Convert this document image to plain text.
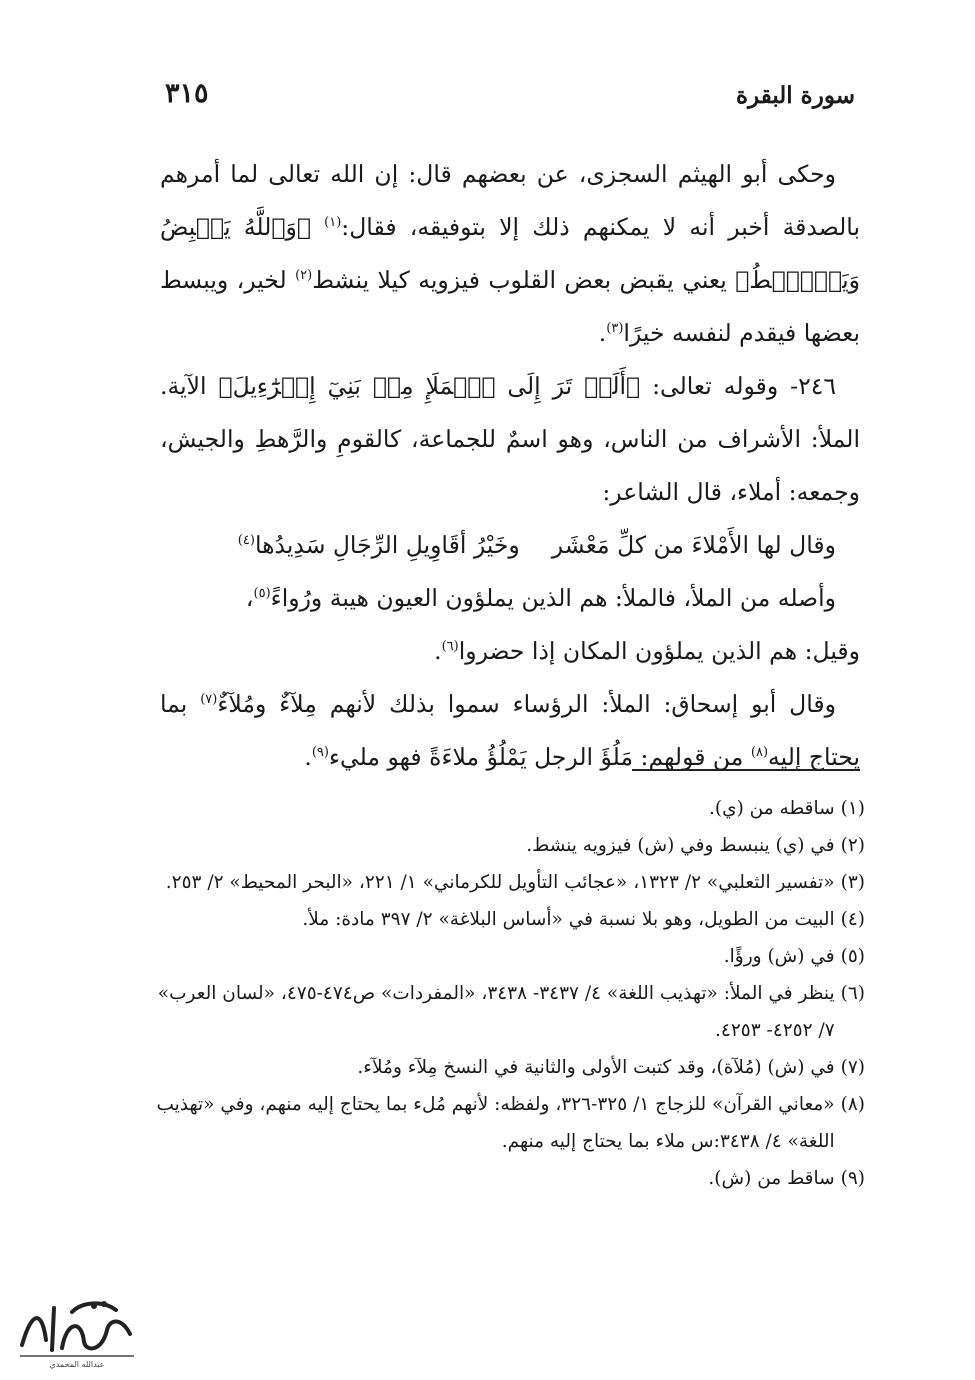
سورة البقرة
٣١٥

وحكى أبو الهيثم السجزى، عن بعضهم قال: إن الله تعالى لما أمرهم بالصدقة أخبر أنه لا يمكنهم ذلك إلا بتوفيقه، فقال:$^{(١)}$ ﴿وَٱللَّهُ يَقۡبِضُ وَيَبۡصُۜطُ﴾ يعني يقبض بعض القلوب فيزويه كيلا ينشط$^{(٢)}$ لخير، ويبسط بعضها فيقدم لنفسه خيرًا$^{(٣)}$.

٢٤٦- وقوله تعالى: ﴿أَلَمۡ تَرَ إِلَى ٱلۡمَلَإِ مِنۢ بَنِيٓ إِسۡرَٰٓءِيلَ﴾ الآية. الملأ: الأشراف من الناس، وهو اسمٌ للجماعة، كالقومِ والرَّهطِ والجيش، وجمعه: أملاء، قال الشاعر:

وقال لها الأَمْلاءَ من كلِّ مَعْشَر
وخَيْرُ أقَاوِيلِ الرِّجَالِ سَدِيدُها$^{(٤)}$

وأصله من الملأ، فالملأ: هم الذين يملؤون العيون هيبة ورُواءً$^{(٥)}$،

وقيل: هم الذين يملؤون المكان إذا حضروا$^{(٦)}$.

وقال أبو إسحاق: الملأ: الرؤساء سموا بذلك لأنهم مِلآءٌ ومُلآءٌ$^{(٧)}$ بما يحتاج إليه$^{(٨)}$ من قولهم: مَلُؤَ الرجل يَمْلُؤُ ملاءَةً فهو مليء$^{(٩)}$.

(١)
ساقطه من (ي).
(٢)
في (ي) ينبسط وفي (ش) فيزويه ينشط.
(٣)
«تفسير الثعلبي» ٢/ ١٣٢٣، «عجائب التأويل للكرماني» ١/ ٢٢١، «البحر المحيط» ٢/ ٢٥٣.
(٤)
البيت من الطويل، وهو بلا نسبة في «أساس البلاغة» ٢/ ٣٩٧ مادة: ملأ.
(٥)
في (ش) ورؤًا.
(٦)
ينظر في الملأ: «تهذيب اللغة» ٤/ ٣٤٣٧- ٣٤٣٨، «المفردات» ص٤٧٤-٤٧٥، «لسان العرب» ٧/ ٤٢٥٢- ٤٢٥٣.
(٧)
في (ش) (مُلآة)، وقد كتبت الأولى والثانية في النسخ مِلآء ومُلآء.
(٨)
«معاني القرآن» للزجاج ١/ ٣٢٥-٣٢٦، ولفظه: لأنهم مُلء بما يحتاج إليه منهم، وفي «تهذيب اللغة» ٤/ ٣٤٣٨:س ملاء بما يحتاج إليه منهم.
(٩)
ساقط من (ش).
عبدالله المحمدي
